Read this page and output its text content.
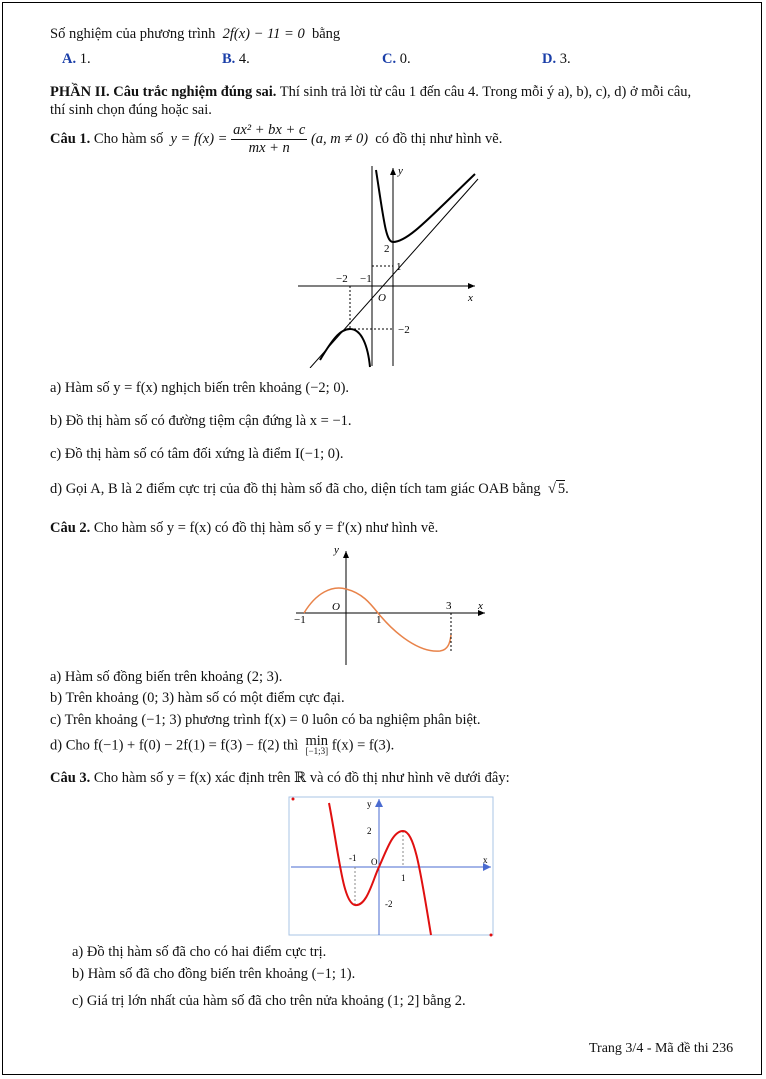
Số nghiệm của phương trình 2f(x) − 11 = 0 bằng
A. 1.	B. 4.	C. 0.	D. 3.
PHẦN II. Câu trắc nghiệm đúng sai. Thí sinh trả lời từ câu 1 đến câu 4. Trong mỗi ý a), b), c), d) ở mỗi câu,
thí sinh chọn đúng hoặc sai.
Câu 1. Cho hàm số $y = f(x) = \frac{\text{ax² + bx + c}}{mx + n} (a$, m ≠ 0) có đồ thị như hình vẽ.
y
x
O
−2 −1
2
1
−2
a) Hàm số y = f(x) nghịch biến trên khoảng (−2; 0).
b) Đồ thị hàm số có đường tiệm cận đứng là x = −1.
c) Đồ thị hàm số có tâm đối xứng là điểm I(−1; 0).
d) Gọi A, B là 2 điểm cực trị của đồ thị hàm số đã cho, diện tích tam giác OAB bằng  √ 5.
Câu 2. Cho hàm số y = f(x) có đồ thị hàm số y = f′(x) như hình vẽ.
y
x
O	3
−1	1
a) Hàm số đồng biến trên khoảng (2; 3).
b) Trên khoảng (0; 3) hàm số có một điểm cực đại.
c) Trên khoảng (−1; 3) phương trình f(x) = 0 luôn có ba nghiệm phân biệt.
d) Cho f(−1) + f(0) − 2f(1) = f(3) − f(2) thì min
[−1;3] f(x) = f(3).
Câu 3. Cho hàm số y = f(x) xác định trên ℝ và có đồ thị như hình vẽ dưới đây:
y
x
O
2
-1
1
-2
a) Đồ thị hàm số đã cho có hai điểm cực trị.
b) Hàm số đã cho đồng biến trên khoảng (−1; 1).
c) Giá trị lớn nhất của hàm số đã cho trên nửa khoảng (1; 2] bằng 2.
Trang 3/4 - Mã đề thi 236
